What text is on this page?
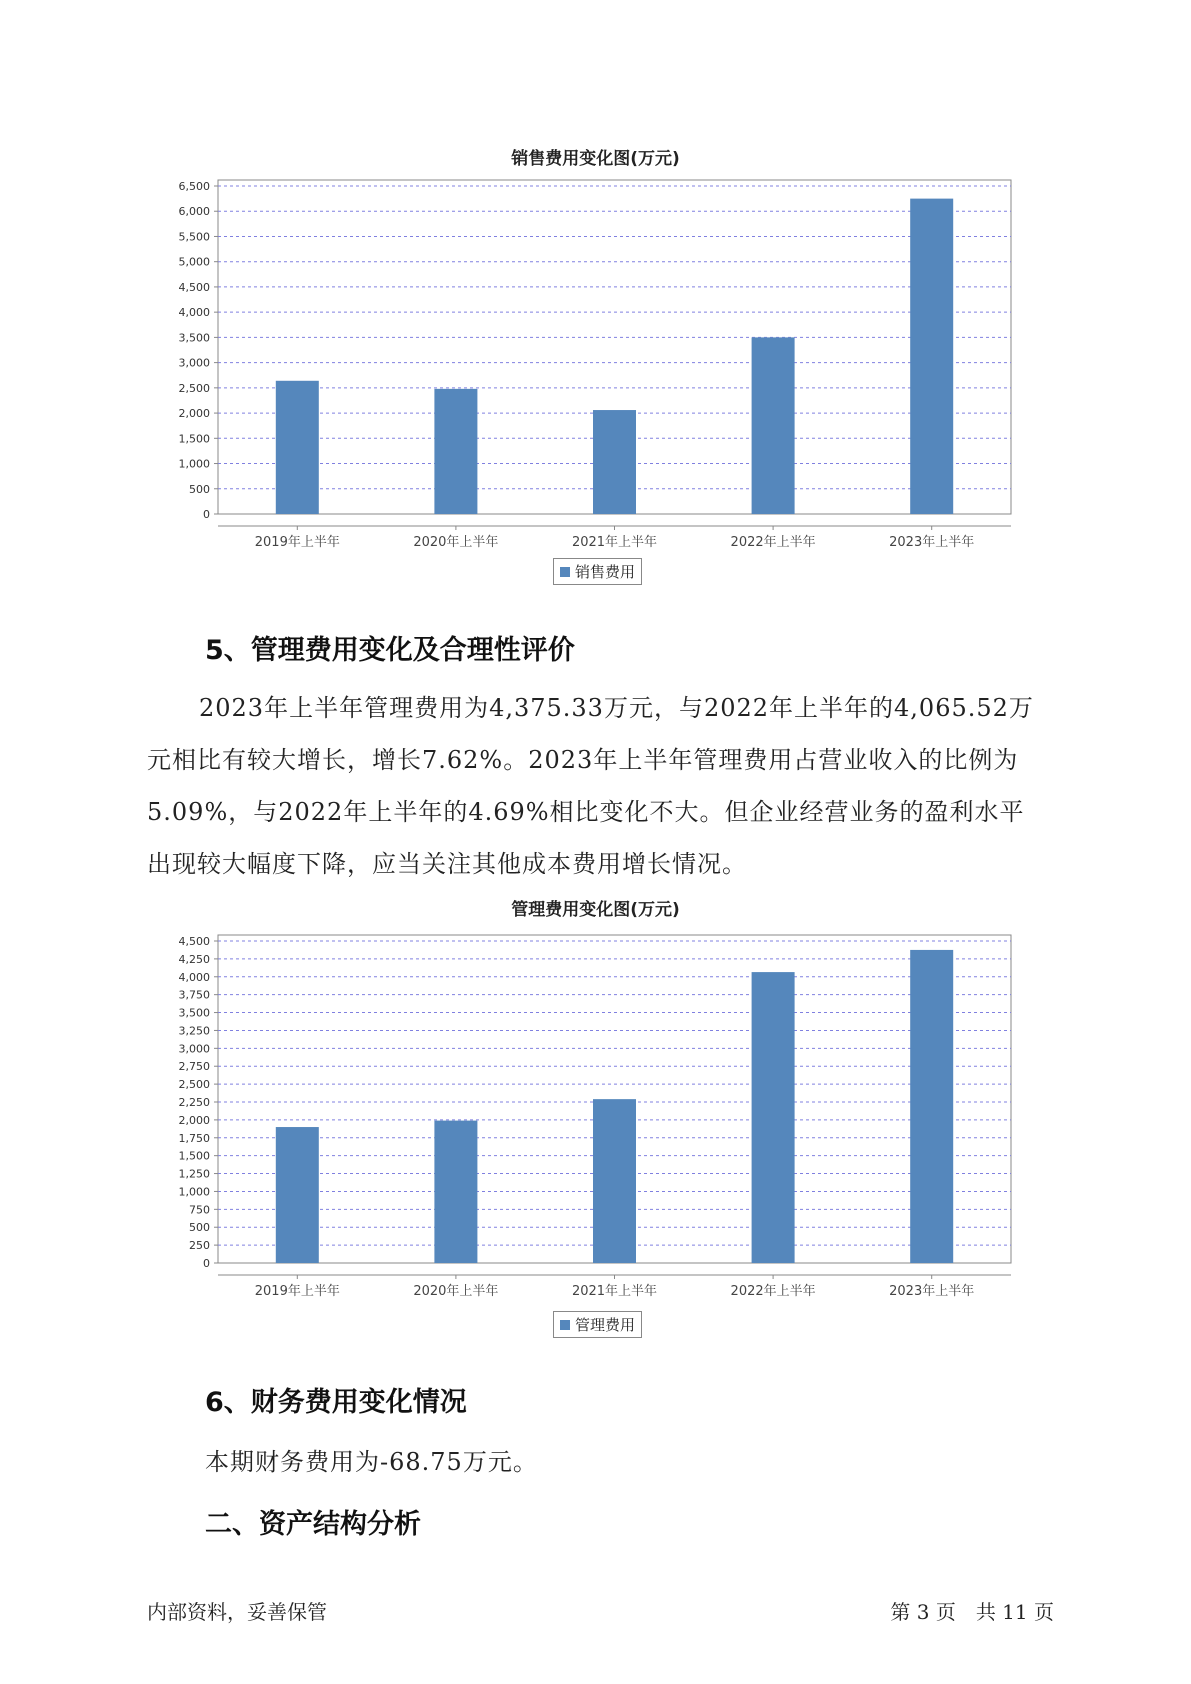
销售费用变化图(万元)
0
500
1,000
1,500
2,000
2,500
3,000
3,500
4,000
4,500
5,000
5,500
6,000
6,500
2019年上半年	2020年上半年	2021年上半年	2022年上半年	2023年上半年
销售费用
5、管理费用变化及合理性评价

2023年上半年管理费用为4,375.33万元，与2022年上半年的4,065.52万元相比有较大增长，增长7.62%。2023年上半年管理费用占营业收入的比例为5.09%，与2022年上半年的4.69%相比变化不大。但企业经营业务的盈利水平出现较大幅度下降，应当关注其他成本费用增长情况。

管理费用变化图(万元)
0
250
500
750
1,000
1,250
1,500
1,750
2,000
2,250
2,500
2,750
3,000
3,250
3,500
3,750
4,000
4,250
4,500
2019年上半年	2020年上半年	2021年上半年	2022年上半年	2023年上半年
管理费用
6、财务费用变化情况

本期财务费用为-68.75万元。

二、资产结构分析
内部资料，妥善保管	第 3 页　共 11 页
